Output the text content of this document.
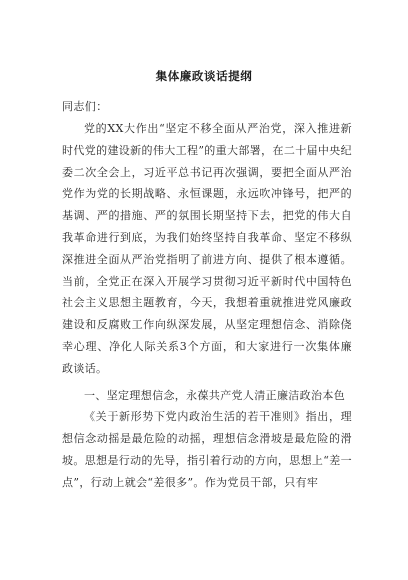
集体廉政谈话提纲
同志们：

党的XX大作出“坚定不移全面从严治党，深入推进新时代党的建设新的伟大工程”的重大部署，在二十届中央纪委二次全会上，习近平总书记再次强调，要把全面从严治党作为党的长期战略、永恒课题，永远吹冲锋号，把严的基调、严的措施、严的氛围长期坚持下去，把党的伟大自我革命进行到底，为我们始终坚持自我革命、坚定不移纵深推进全面从严治党指明了前进方向、提供了根本遵循。当前，全党正在深入开展学习贯彻习近平新时代中国特色社会主义思想主题教育，今天，我想着重就推进党风廉政建设和反腐败工作向纵深发展，从坚定理想信念、消除侥幸心理、净化人际关系3个方面，和大家进行一次集体廉政谈话。

一、坚定理想信念，永葆共产党人清正廉洁政治本色

《关于新形势下党内政治生活的若干准则》指出，理想信念动摇是最危险的动摇，理想信念滑坡是最危险的滑坡。思想是行动的先导，指引着行动的方向，思想上“差一点”，行动上就会“差很多”。作为党员干部，只有牢
